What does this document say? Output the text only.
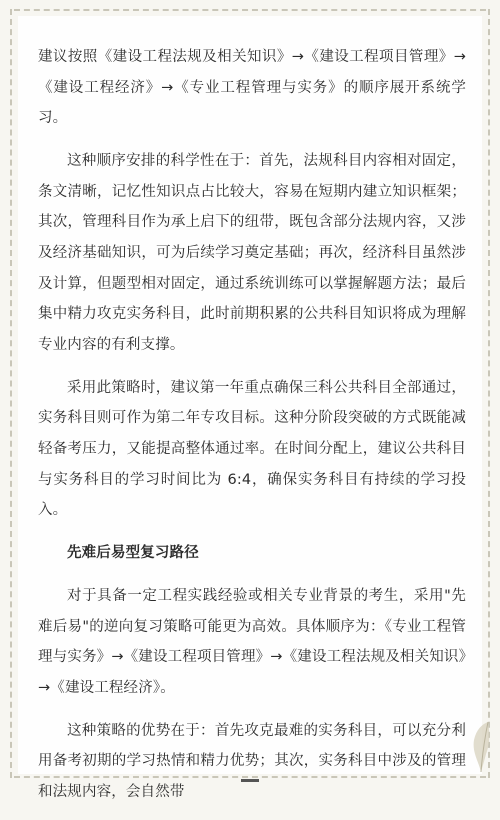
建议按照《建设工程法规及相关知识》→《建设工程项目管理》→《建设工程经济》→《专业工程管理与实务》的顺序展开系统学习。

这种顺序安排的科学性在于：首先，法规科目内容相对固定，条文清晰，记忆性知识点占比较大，容易在短期内建立知识框架；其次，管理科目作为承上启下的纽带，既包含部分法规内容，又涉及经济基础知识，可为后续学习奠定基础；再次，经济科目虽然涉及计算，但题型相对固定，通过系统训练可以掌握解题方法；最后集中精力攻克实务科目，此时前期积累的公共科目知识将成为理解专业内容的有利支撑。

采用此策略时，建议第一年重点确保三科公共科目全部通过，实务科目则可作为第二年专攻目标。这种分阶段突破的方式既能减轻备考压力，又能提高整体通过率。在时间分配上，建议公共科目与实务科目的学习时间比为 6:4，确保实务科目有持续的学习投入。

先难后易型复习路径

对于具备一定工程实践经验或相关专业背景的考生，采用"先难后易"的逆向复习策略可能更为高效。具体顺序为：《专业工程管理与实务》→《建设工程项目管理》→《建设工程法规及相关知识》→《建设工程经济》。

这种策略的优势在于：首先攻克最难的实务科目，可以充分利用备考初期的学习热情和精力优势；其次，实务科目中涉及的管理和法规内容，会自然带
